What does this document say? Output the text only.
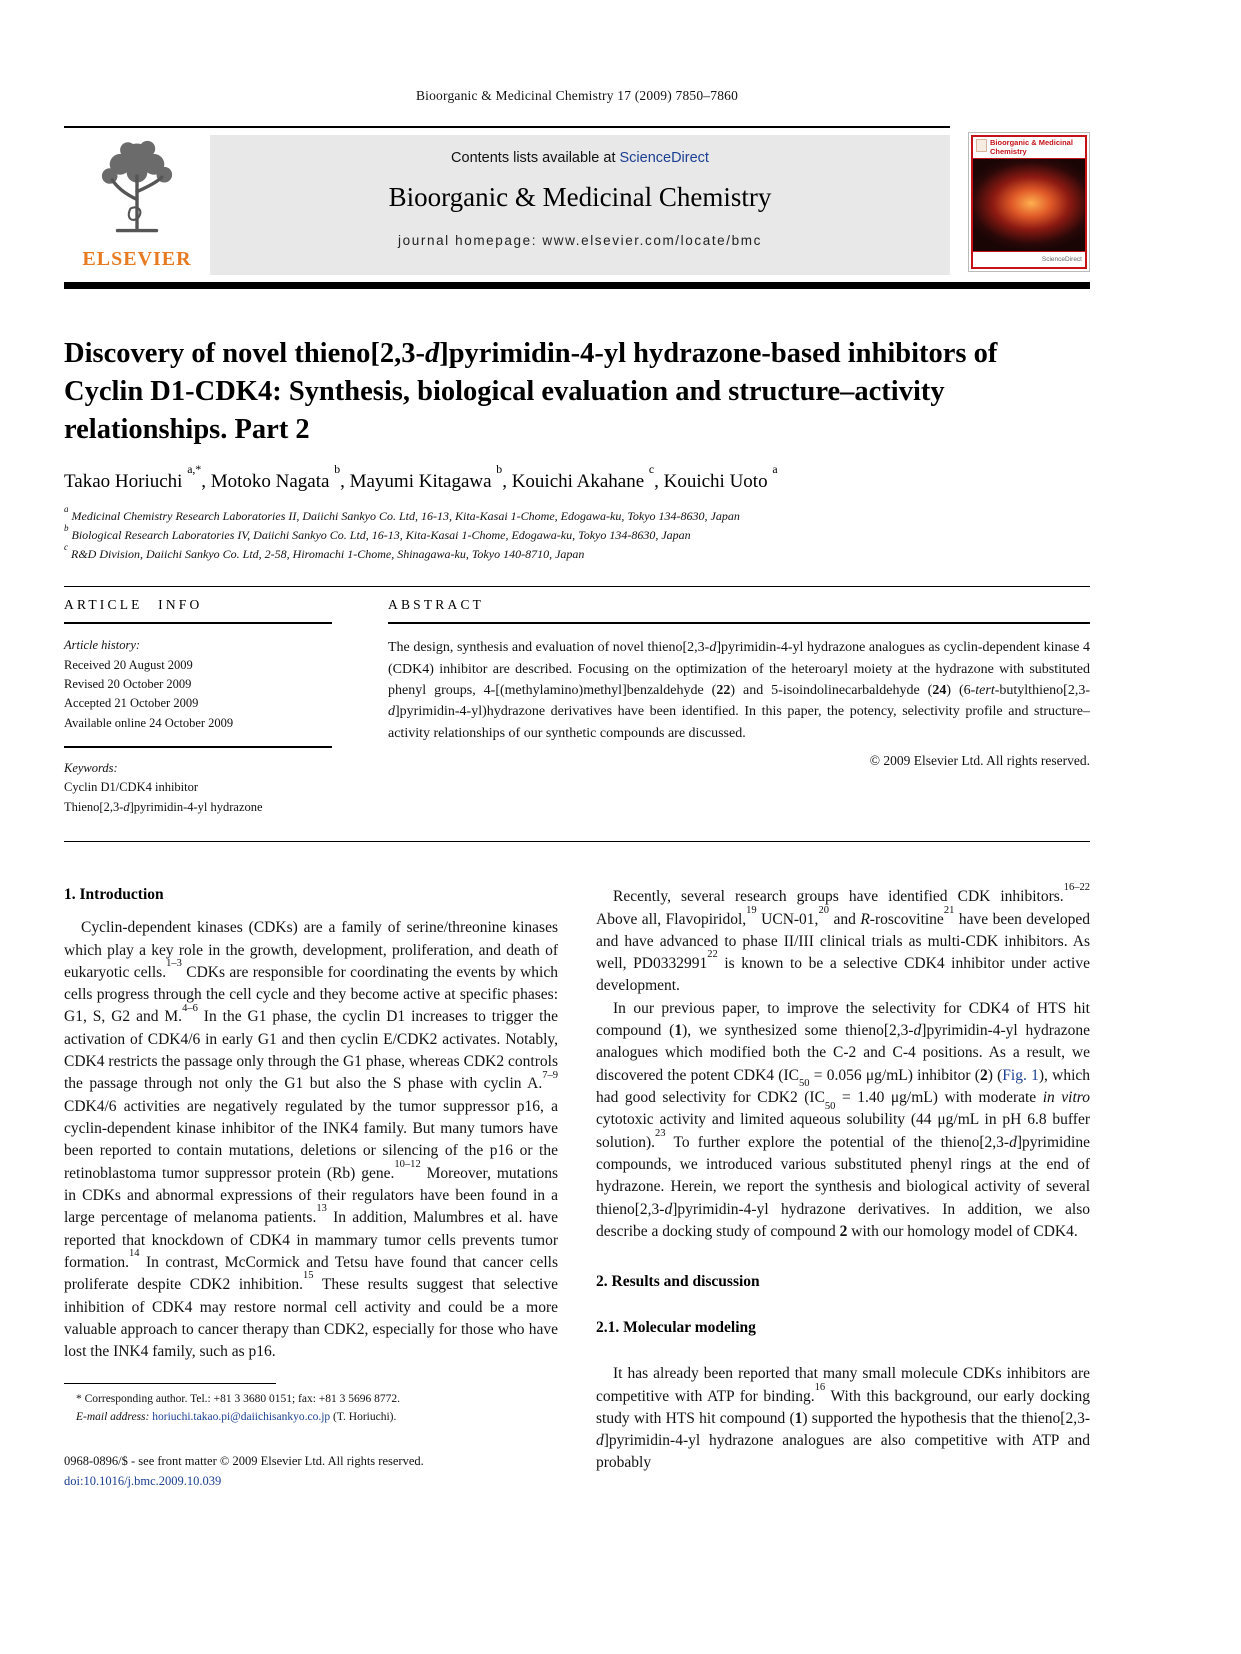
Bioorganic & Medicinal Chemistry 17 (2009) 7850–7860
ELSEVIER
Contents lists available at ScienceDirect
Bioorganic & Medicinal Chemistry
journal homepage: www.elsevier.com/locate/bmc
Bioorganic & Medicinal Chemistry
ScienceDirect
Discovery of novel thieno[2,3-d]pyrimidin-4-yl hydrazone-based inhibitors of Cyclin D1-CDK4: Synthesis, biological evaluation and structure–activity relationships. Part 2
Takao Horiuchi $^{a,*}$, Motoko Nagata $^b$, Mayumi Kitagawa $^b$, Kouichi Akahane $^c$, Kouichi Uoto $^a$
$^a$ Medicinal Chemistry Research Laboratories II, Daiichi Sankyo Co. Ltd, 16-13, Kita-Kasai 1-Chome, Edogawa-ku, Tokyo 134-8630, Japan
$^b$ Biological Research Laboratories IV, Daiichi Sankyo Co. Ltd, 16-13, Kita-Kasai 1-Chome, Edogawa-ku, Tokyo 134-8630, Japan
$^c$ R&D Division, Daiichi Sankyo Co. Ltd, 2-58, Hiromachi 1-Chome, Shinagawa-ku, Tokyo 140-8710, Japan
ARTICLE INFO
Article history:
Received 20 August 2009
Revised 20 October 2009
Accepted 21 October 2009
Available online 24 October 2009
Keywords:
Cyclin D1/CDK4 inhibitor
Thieno[2,3-d]pyrimidin-4-yl hydrazone
ABSTRACT

The design, synthesis and evaluation of novel thieno[2,3-d]pyrimidin-4-yl hydrazone analogues as cyclin-dependent kinase 4 (CDK4) inhibitor are described. Focusing on the optimization of the heteroaryl moiety at the hydrazone with substituted phenyl groups, 4-[(methylamino)methyl]benzaldehyde (22) and 5-isoindolinecarbaldehyde (24) (6-tert-butylthieno[2,3-d]pyrimidin-4-yl)hydrazone derivatives have been identified. In this paper, the potency, selectivity profile and structure–activity relationships of our synthetic compounds are discussed.

© 2009 Elsevier Ltd. All rights reserved.
1. Introduction

Cyclin-dependent kinases (CDKs) are a family of serine/threonine kinases which play a key role in the growth, development, proliferation, and death of eukaryotic cells.$^{1-3}$ CDKs are responsible for coordinating the events by which cells progress through the cell cycle and they become active at specific phases: G1, S, G2 and M.$^{4-6}$ In the G1 phase, the cyclin D1 increases to trigger the activation of CDK4/6 in early G1 and then cyclin E/CDK2 activates. Notably, CDK4 restricts the passage only through the G1 phase, whereas CDK2 controls the passage through not only the G1 but also the S phase with cyclin A.$^{7-9}$ CDK4/6 activities are negatively regulated by the tumor suppressor p16, a cyclin-dependent kinase inhibitor of the INK4 family. But many tumors have been reported to contain mutations, deletions or silencing of the p16 or the retinoblastoma tumor suppressor protein (Rb) gene.$^{10-12}$ Moreover, mutations in CDKs and abnormal expressions of their regulators have been found in a large percentage of melanoma patients.$^{13}$ In addition, Malumbres et al. have reported that knockdown of CDK4 in mammary tumor cells prevents tumor formation.$^{14}$ In contrast, McCormick and Tetsu have found that cancer cells proliferate despite CDK2 inhibition.$^{15}$ These results suggest that selective inhibition of CDK4 may restore normal cell activity and could be a more valuable approach to cancer therapy than CDK2, especially for those who have lost the INK4 family, such as p16.

* Corresponding author. Tel.: +81 3 3680 0151; fax: +81 3 5696 8772.

E-mail address: horiuchi.takao.pi@daiichisankyo.co.jp (T. Horiuchi).

0968-0896/$ - see front matter © 2009 Elsevier Ltd. All rights reserved.
doi:10.1016/j.bmc.2009.10.039

Recently, several research groups have identified CDK inhibitors.$^{16-22}$ Above all, Flavopiridol,$^{19}$ UCN-01,20 and R-roscovitine$^{21}$ have been developed and have advanced to phase II/III clinical trials as multi-CDK inhibitors. As well, PD0332991$^{22}$ is known to be a selective CDK4 inhibitor under active development.

In our previous paper, to improve the selectivity for CDK4 of HTS hit compound (1), we synthesized some thieno[2,3-d]pyrimidin-4-yl hydrazone analogues which modified both the C-2 and C-4 positions. As a result, we discovered the potent CDK4 ($IC_{50} = 0.056$ μg/mL) inhibitor (2) (Fig. 1), which had good selectivity for CDK2 ($IC_{50} = 1.40$ μg/mL) with moderate in vitro cytotoxic activity and limited aqueous solubility (44 μg/mL in pH 6.8 buffer solution).$^{23}$ To further explore the potential of the thieno[2,3-d]pyrimidine compounds, we introduced various substituted phenyl rings at the end of hydrazone. Herein, we report the synthesis and biological activity of several thieno[2,3-d]pyrimidin-4-yl hydrazone derivatives. In addition, we also describe a docking study of compound 2 with our homology model of CDK4.

2. Results and discussion
2.1. Molecular modeling

It has already been reported that many small molecule CDKs inhibitors are competitive with ATP for binding.$^{16}$ With this background, our early docking study with HTS hit compound (1) supported the hypothesis that the thieno[2,3-d]pyrimidin-4-yl hydrazone analogues are also competitive with ATP and probably
